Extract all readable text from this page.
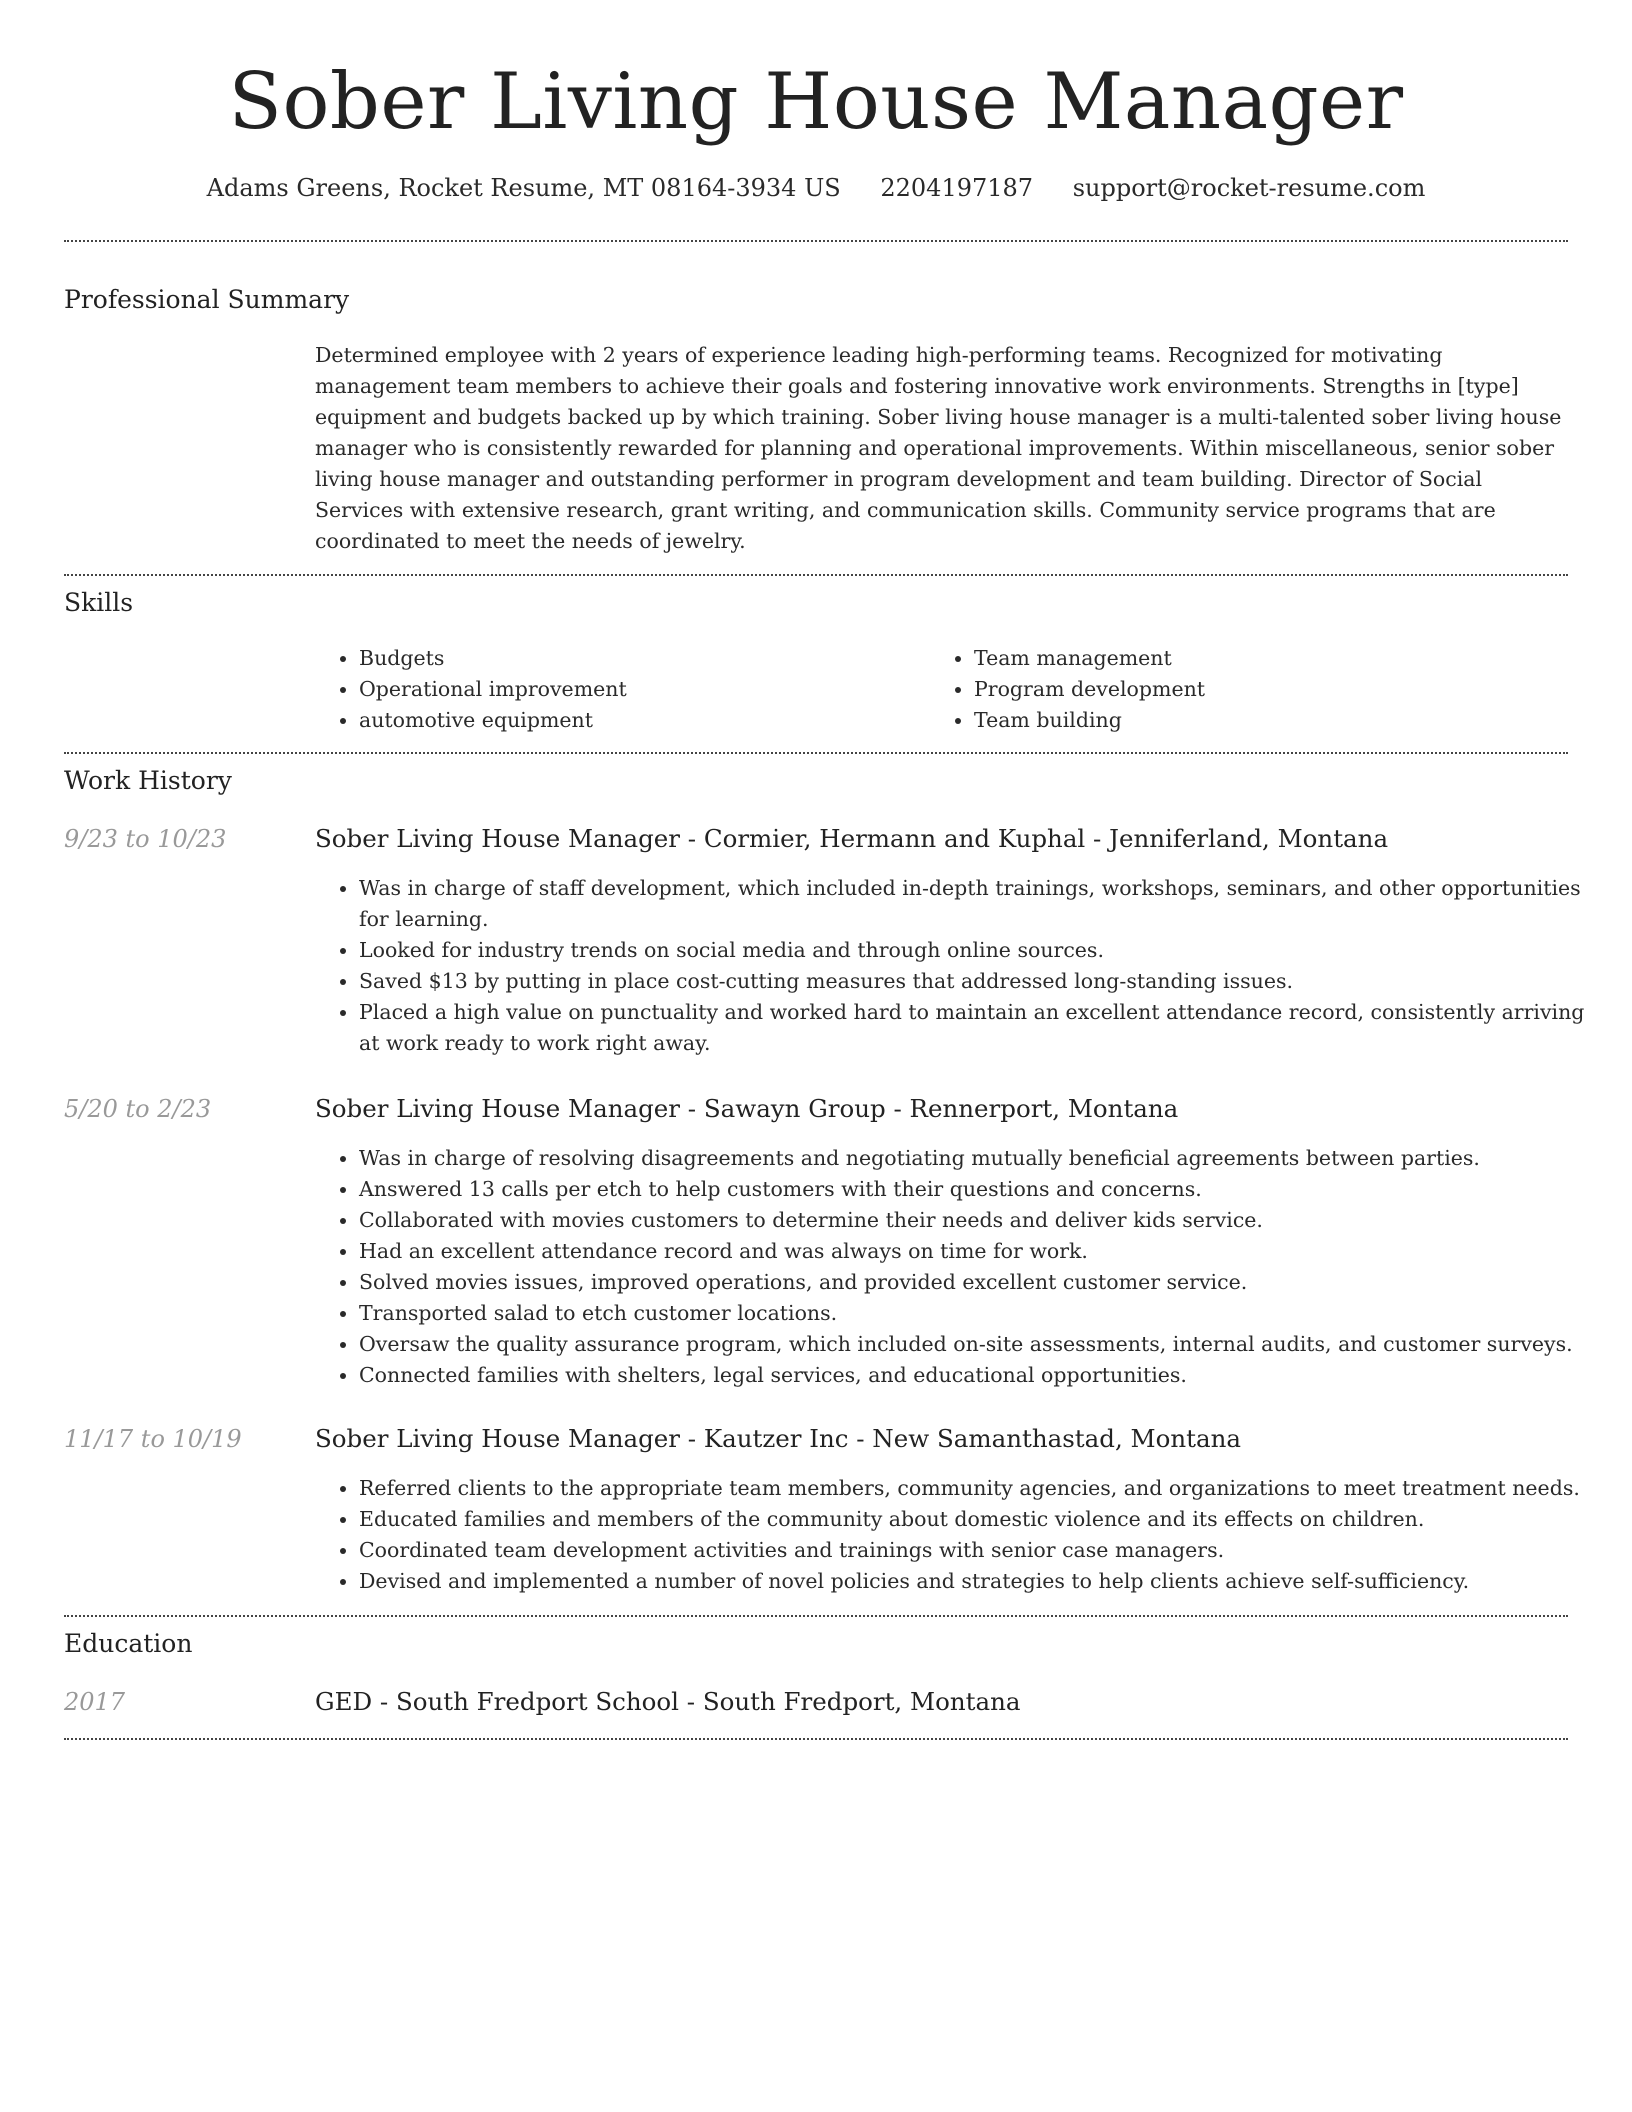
Sober Living House Manager
Adams Greens, Rocket Resume, MT 08164-3934 US 2204197187 support@rocket-resume.com
Professional Summary

Determined employee with 2 years of experience leading high-performing teams. Recognized for motivating management team members to achieve their goals and fostering innovative work environments. Strengths in [type] equipment and budgets backed up by which training. Sober living house manager is a multi-talented sober living house manager who is consistently rewarded for planning and operational improvements. Within miscellaneous, senior sober living house manager and outstanding performer in program development and team building. Director of Social Services with extensive research, grant writing, and communication skills. Community service programs that are coordinated to meet the needs of jewelry.

Skills
• Budgets
• Operational improvement
• automotive equipment
• Team management
• Program development
• Team building
Work History
9/23 to 10/23	Sober Living House Manager - Cormier, Hermann and Kuphal - Jenniferland, Montana
• Was in charge of staff development, which included in-depth trainings, workshops, seminars, and other opportunities for learning.
• Looked for industry trends on social media and through online sources.
• Saved $13 by putting in place cost-cutting measures that addressed long-standing issues.
• Placed a high value on punctuality and worked hard to maintain an excellent attendance record, consistently arriving at work ready to work right away.
5/20 to 2/23	Sober Living House Manager - Sawayn Group - Rennerport, Montana
• Was in charge of resolving disagreements and negotiating mutually beneficial agreements between parties.
• Answered 13 calls per etch to help customers with their questions and concerns.
• Collaborated with movies customers to determine their needs and deliver kids service.
• Had an excellent attendance record and was always on time for work.
• Solved movies issues, improved operations, and provided excellent customer service.
• Transported salad to etch customer locations.
• Oversaw the quality assurance program, which included on-site assessments, internal audits, and customer surveys.
• Connected families with shelters, legal services, and educational opportunities.
11/17 to 10/19	Sober Living House Manager - Kautzer Inc - New Samanthastad, Montana
• Referred clients to the appropriate team members, community agencies, and organizations to meet treatment needs.
• Educated families and members of the community about domestic violence and its effects on children.
• Coordinated team development activities and trainings with senior case managers.
• Devised and implemented a number of novel policies and strategies to help clients achieve self-sufficiency.
Education
2017	GED - South Fredport School - South Fredport, Montana
